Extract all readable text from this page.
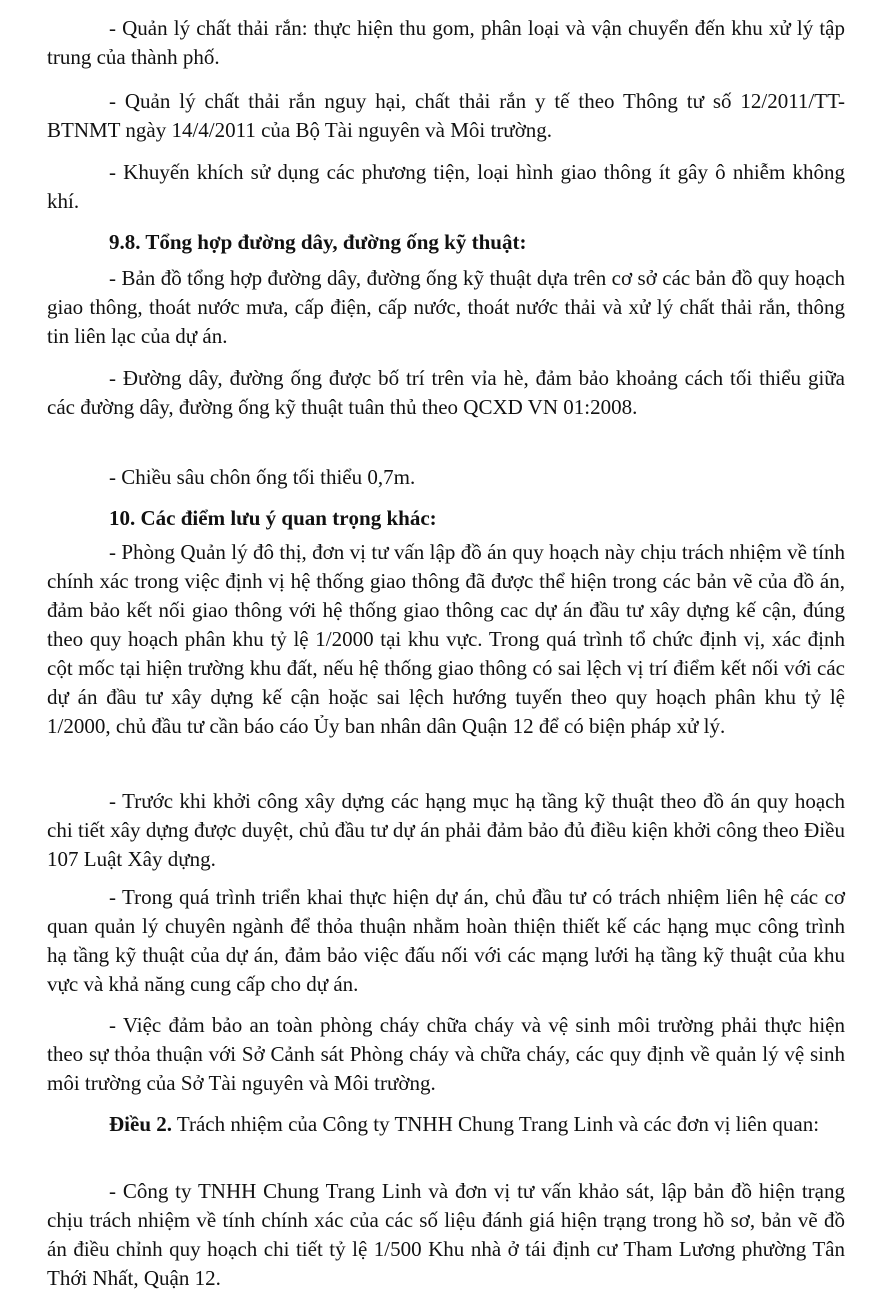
- Quản lý chất thải rắn: thực hiện thu gom, phân loại và vận chuyển đến khu xử lý tập trung của thành phố.

- Quản lý chất thải rắn nguy hại, chất thải rắn y tế theo Thông tư số 12/2011/TT-BTNMT ngày 14/4/2011 của Bộ Tài nguyên và Môi trường.

- Khuyến khích sử dụng các phương tiện, loại hình giao thông ít gây ô nhiễm không khí.

9.8. Tổng hợp đường dây, đường ống kỹ thuật:

- Bản đồ tổng hợp đường dây, đường ống kỹ thuật dựa trên cơ sở các bản đồ quy hoạch giao thông, thoát nước mưa, cấp điện, cấp nước, thoát nước thải và xử lý chất thải rắn, thông tin liên lạc của dự án.

- Đường dây, đường ống được bố trí trên vỉa hè, đảm bảo khoảng cách tối thiểu giữa các đường dây, đường ống kỹ thuật tuân thủ theo QCXD VN 01:2008.

- Chiều sâu chôn ống tối thiểu 0,7m.

10. Các điểm lưu ý quan trọng khác:

- Phòng Quản lý đô thị, đơn vị tư vấn lập đồ án quy hoạch này chịu trách nhiệm về tính chính xác trong việc định vị hệ thống giao thông đã được thể hiện trong các bản vẽ của đồ án, đảm bảo kết nối giao thông với hệ thống giao thông cac dự án đầu tư xây dựng kế cận, đúng theo quy hoạch phân khu tỷ lệ 1/2000 tại khu vực. Trong quá trình tổ chức định vị, xác định cột mốc tại hiện trường khu đất, nếu hệ thống giao thông có sai lệch vị trí điểm kết nối với các dự án đầu tư xây dựng kế cận hoặc sai lệch hướng tuyến theo quy hoạch phân khu tỷ lệ 1/2000, chủ đầu tư cần báo cáo Ủy ban nhân dân Quận 12 để có biện pháp xử lý.

- Trước khi khởi công xây dựng các hạng mục hạ tầng kỹ thuật theo đồ án quy hoạch chi tiết xây dựng được duyệt, chủ đầu tư dự án phải đảm bảo đủ điều kiện khởi công theo Điều 107 Luật Xây dựng.

- Trong quá trình triển khai thực hiện dự án, chủ đầu tư có trách nhiệm liên hệ các cơ quan quản lý chuyên ngành để thỏa thuận nhằm hoàn thiện thiết kế các hạng mục công trình hạ tầng kỹ thuật của dự án, đảm bảo việc đấu nối với các mạng lưới hạ tầng kỹ thuật của khu vực và khả năng cung cấp cho dự án.

- Việc đảm bảo an toàn phòng cháy chữa cháy và vệ sinh môi trường phải thực hiện theo sự thỏa thuận với Sở Cảnh sát Phòng cháy và chữa cháy, các quy định về quản lý vệ sinh môi trường của Sở Tài nguyên và Môi trường.

Điều 2. Trách nhiệm của Công ty TNHH Chung Trang Linh và các đơn vị liên quan:

- Công ty TNHH Chung Trang Linh và đơn vị tư vấn khảo sát, lập bản đồ hiện trạng chịu trách nhiệm về tính chính xác của các số liệu đánh giá hiện trạng trong hồ sơ, bản vẽ đồ án điều chỉnh quy hoạch chi tiết tỷ lệ 1/500 Khu nhà ở tái định cư Tham Lương phường Tân Thới Nhất, Quận 12.
